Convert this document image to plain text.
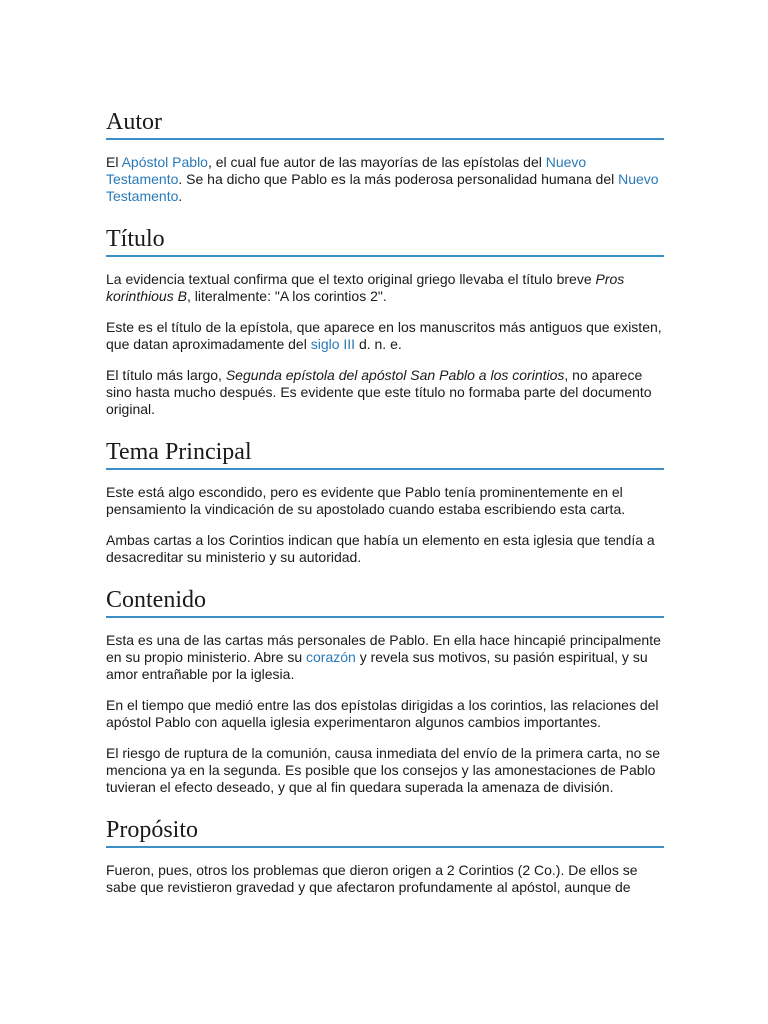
Autor

El Apóstol Pablo, el cual fue autor de las mayorías de las epístolas del Nuevo Testamento. Se ha dicho que Pablo es la más poderosa personalidad humana del Nuevo Testamento.

Título

La evidencia textual confirma que el texto original griego llevaba el título breve Pros korinthious B, literalmente: "A los corintios 2".

Este es el título de la epístola, que aparece en los manuscritos más antiguos que existen, que datan aproximadamente del siglo III d. n. e.

El título más largo, Segunda epístola del apóstol San Pablo a los corintios, no aparece sino hasta mucho después. Es evidente que este título no formaba parte del documento original.

Tema Principal

Este está algo escondido, pero es evidente que Pablo tenía prominentemente en el pensamiento la vindicación de su apostolado cuando estaba escribiendo esta carta.

Ambas cartas a los Corintios indican que había un elemento en esta iglesia que tendía a desacreditar su ministerio y su autoridad.

Contenido

Esta es una de las cartas más personales de Pablo. En ella hace hincapié principalmente en su propio ministerio. Abre su corazón y revela sus motivos, su pasión espiritual, y su amor entrañable por la iglesia.

En el tiempo que medió entre las dos epístolas dirigidas a los corintios, las relaciones del apóstol Pablo con aquella iglesia experimentaron algunos cambios importantes.

El riesgo de ruptura de la comunión, causa inmediata del envío de la primera carta, no se menciona ya en la segunda. Es posible que los consejos y las amonestaciones de Pablo tuvieran el efecto deseado, y que al fin quedara superada la amenaza de división.

Propósito

Fueron, pues, otros los problemas que dieron origen a 2 Corintios (2 Co.). De ellos se sabe que revistieron gravedad y que afectaron profundamente al apóstol, aunque de
